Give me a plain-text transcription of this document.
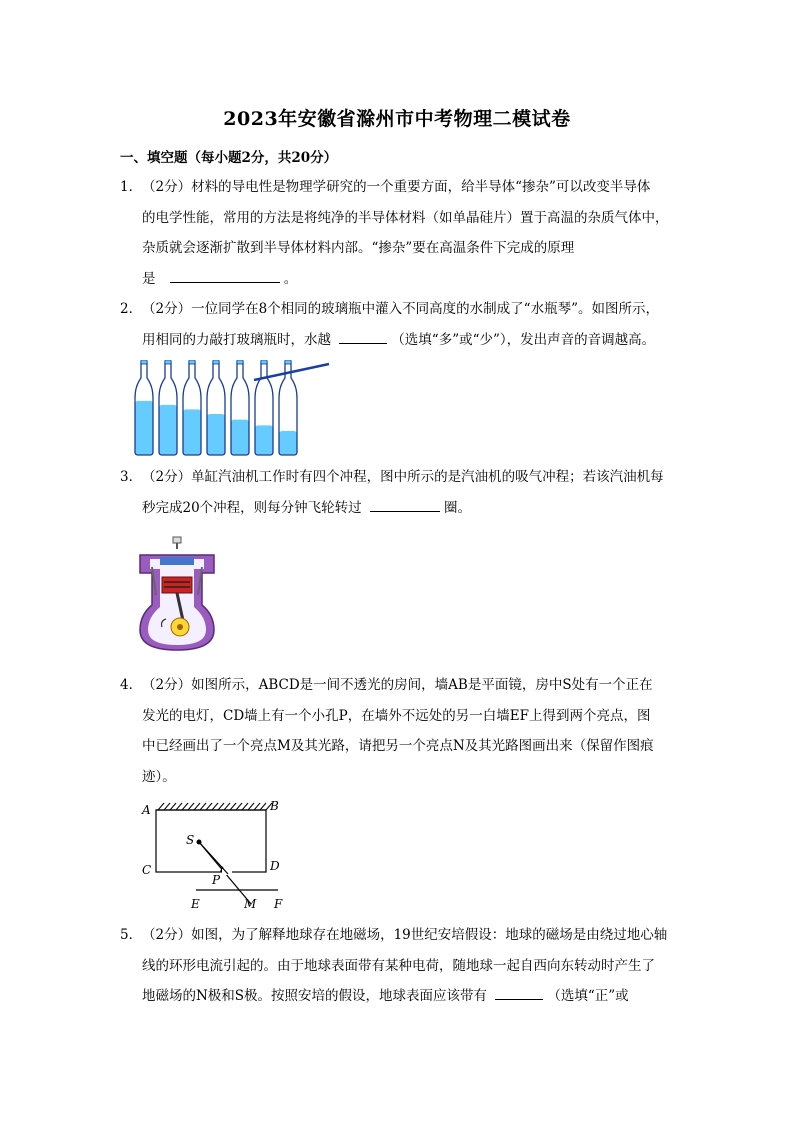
2023年安徽省滁州市中考物理二模试卷
一、填空题（每小题2分，共20分）
1．（2分）材料的导电性是物理学研究的一个重要方面，给半导体“掺杂”可以改变半导体
的电学性能，常用的方法是将纯净的半导体材料（如单晶硅片）置于高温的杂质气体中，
杂质就会逐渐扩散到半导体材料内部。“掺杂”要在高温条件下完成的原理
是	。
2．（2分）一位同学在8个相同的玻璃瓶中灌入不同高度的水制成了“水瓶琴”。如图所示，
用相同的力敲打玻璃瓶时，水越	（选填“多”或“少”），发出声音的音调越高。
3．（2分）单缸汽油机工作时有四个冲程，图中所示的是汽油机的吸气冲程；若该汽油机每
秒完成20个冲程，则每分钟飞轮转过	圈。
4．（2分）如图所示，ABCD是一间不透光的房间，墙AB是平面镜，房中S处有一个正在
发光的电灯，CD墙上有一个小孔P，在墙外不远处的另一白墙EF上得到两个亮点，图
中已经画出了一个亮点M及其光路，请把另一个亮点N及其光路图画出来（保留作图痕
迹）。
A	B
C	D
S
P
E	M F
5．（2分）如图，为了解释地球存在地磁场，19世纪安培假设：地球的磁场是由绕过地心轴
线的环形电流引起的。由于地球表面带有某种电荷，随地球一起自西向东转动时产生了
地磁场的N极和S极。按照安培的假设，地球表面应该带有	（选填“正”或
